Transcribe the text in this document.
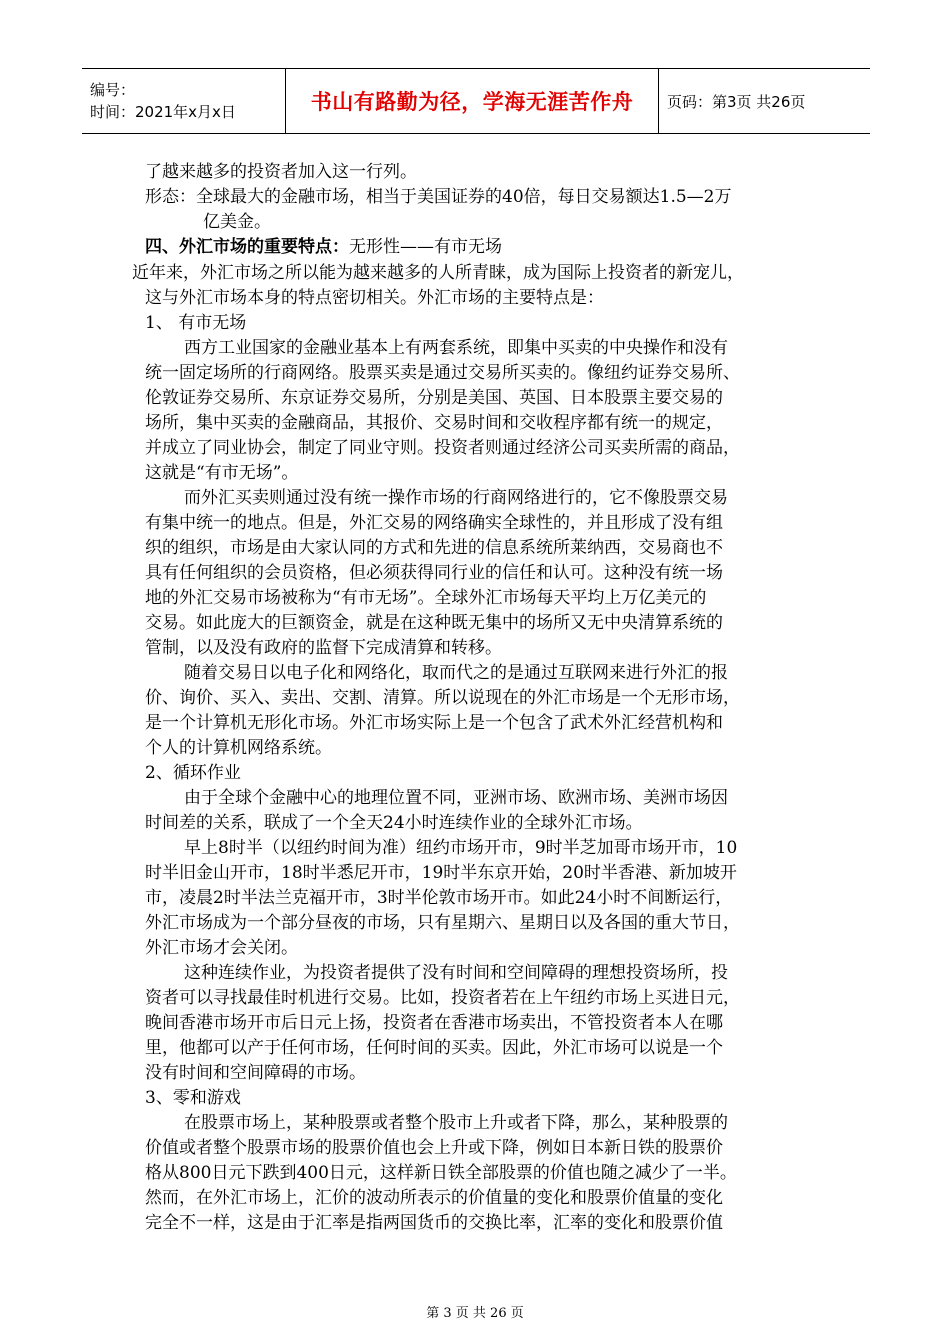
编号：
时间：2021年x月x日	书山有路勤为径，学海无涯苦作舟 页码：第3页 共26页
了越来越多的投资者加入这一行列。
形态：全球最大的金融市场，相当于美国证券的40倍，每日交易额达1.5—2万
亿美金。
四、外汇市场的重要特点：无形性——有市无场
近年来，外汇市场之所以能为越来越多的人所青睐，成为国际上投资者的新宠儿，
这与外汇市场本身的特点密切相关。外汇市场的主要特点是：
1、 有市无场
西方工业国家的金融业基本上有两套系统，即集中买卖的中央操作和没有
统一固定场所的行商网络。股票买卖是通过交易所买卖的。像纽约证券交易所、
伦敦证券交易所、东京证券交易所，分别是美国、英国、日本股票主要交易的
场所，集中买卖的金融商品，其报价、交易时间和交收程序都有统一的规定，
并成立了同业协会，制定了同业守则。投资者则通过经济公司买卖所需的商品，
这就是“有市无场”。
而外汇买卖则通过没有统一操作市场的行商网络进行的，它不像股票交易
有集中统一的地点。但是，外汇交易的网络确实全球性的，并且形成了没有组
织的组织，市场是由大家认同的方式和先进的信息系统所莱纳西，交易商也不
具有任何组织的会员资格，但必须获得同行业的信任和认可。这种没有统一场
地的外汇交易市场被称为“有市无场”。全球外汇市场每天平均上万亿美元的
交易。如此庞大的巨额资金，就是在这种既无集中的场所又无中央清算系统的
管制，以及没有政府的监督下完成清算和转移。
随着交易日以电子化和网络化，取而代之的是通过互联网来进行外汇的报
价、询价、买入、卖出、交割、清算。所以说现在的外汇市场是一个无形市场，
是一个计算机无形化市场。外汇市场实际上是一个包含了武术外汇经营机构和
个人的计算机网络系统。
2、循环作业
由于全球个金融中心的地理位置不同，亚洲市场、欧洲市场、美洲市场因
时间差的关系，联成了一个全天24小时连续作业的全球外汇市场。
早上8时半（以纽约时间为准）纽约市场开市，9时半芝加哥市场开市，10
时半旧金山开市，18时半悉尼开市，19时半东京开始，20时半香港、新加坡开
市，凌晨2时半法兰克福开市，3时半伦敦市场开市。如此24小时不间断运行，
外汇市场成为一个部分昼夜的市场，只有星期六、星期日以及各国的重大节日，
外汇市场才会关闭。
这种连续作业，为投资者提供了没有时间和空间障碍的理想投资场所，投
资者可以寻找最佳时机进行交易。比如，投资者若在上午纽约市场上买进日元，
晚间香港市场开市后日元上扬，投资者在香港市场卖出，不管投资者本人在哪
里，他都可以产于任何市场，任何时间的买卖。因此，外汇市场可以说是一个
没有时间和空间障碍的市场。
3、零和游戏
在股票市场上，某种股票或者整个股市上升或者下降，那么，某种股票的
价值或者整个股票市场的股票价值也会上升或下降，例如日本新日铁的股票价
格从800日元下跌到400日元，这样新日铁全部股票的价值也随之减少了一半。
然而，在外汇市场上，汇价的波动所表示的价值量的变化和股票价值量的变化
完全不一样，这是由于汇率是指两国货币的交换比率，汇率的变化和股票价值
第 3 页 共 26 页
